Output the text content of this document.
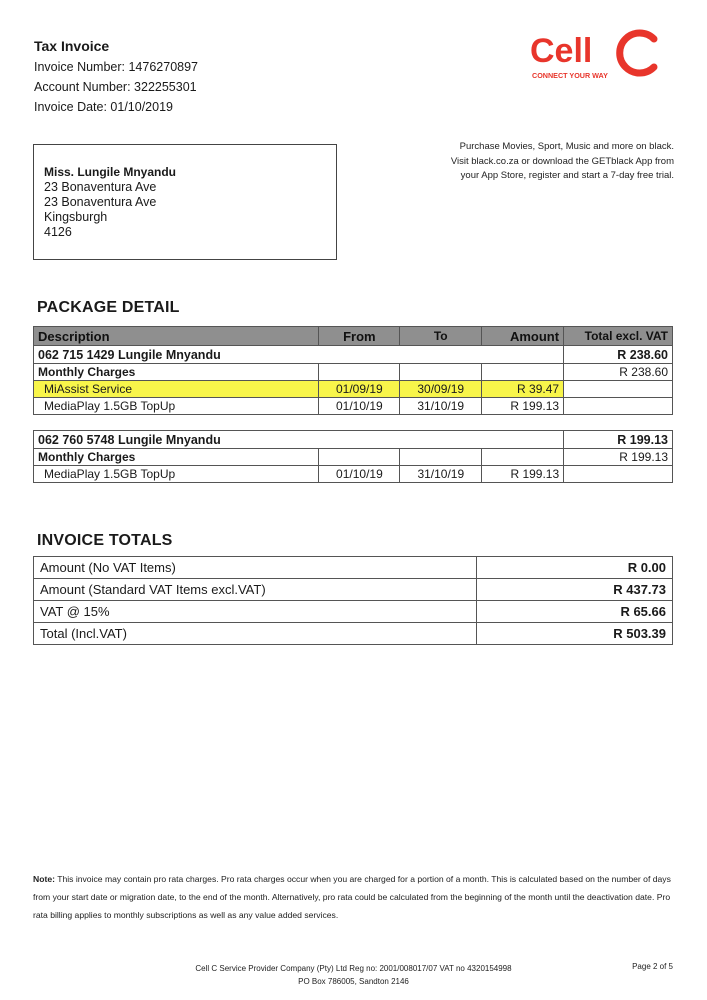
Tax Invoice
Invoice Number: 1476270897
Account Number: 322255301
Invoice Date: 01/10/2019
Cell
CONNECT YOUR WAY
Purchase Movies, Sport, Music and more on black.
Visit black.co.za or download the GETblack App from
your App Store, register and start a 7-day free trial.
Miss. Lungile Mnyandu
23 Bonaventura Ave
23 Bonaventura Ave
Kingsburgh
4126
PACKAGE DETAIL
Description	From	To	Amount	Total excl. VAT
062 715 1429 Lungile Mnyandu				R 238.60
Monthly Charges				R 238.60
MiAssist Service	01/09/19	30/09/19	R 39.47	
MediaPlay 1.5GB TopUp	01/10/19	31/10/19	R 199.13	
062 760 5748 Lungile Mnyandu				R 199.13
Monthly Charges				R 199.13
MediaPlay 1.5GB TopUp	01/10/19	31/10/19	R 199.13	
INVOICE TOTALS
Amount (No VAT Items)	R 0.00
Amount (Standard VAT Items excl.VAT)	R 437.73
VAT @ 15%	R 65.66
Total (Incl.VAT)	R 503.39
Note: This invoice may contain pro rata charges. Pro rata charges occur when you are charged for a portion of a month. This is calculated based on the number of days from your start date or migration date, to the end of the month. Alternatively, pro rata could be calculated from the beginning of the month until the deactivation date. Pro rata billing applies to monthly subscriptions as well as any value added services.
Cell C Service Provider Company (Pty) Ltd Reg no: 2001/008017/07 VAT no 4320154998
PO Box 786005, Sandton 2146
Page 2 of 5
